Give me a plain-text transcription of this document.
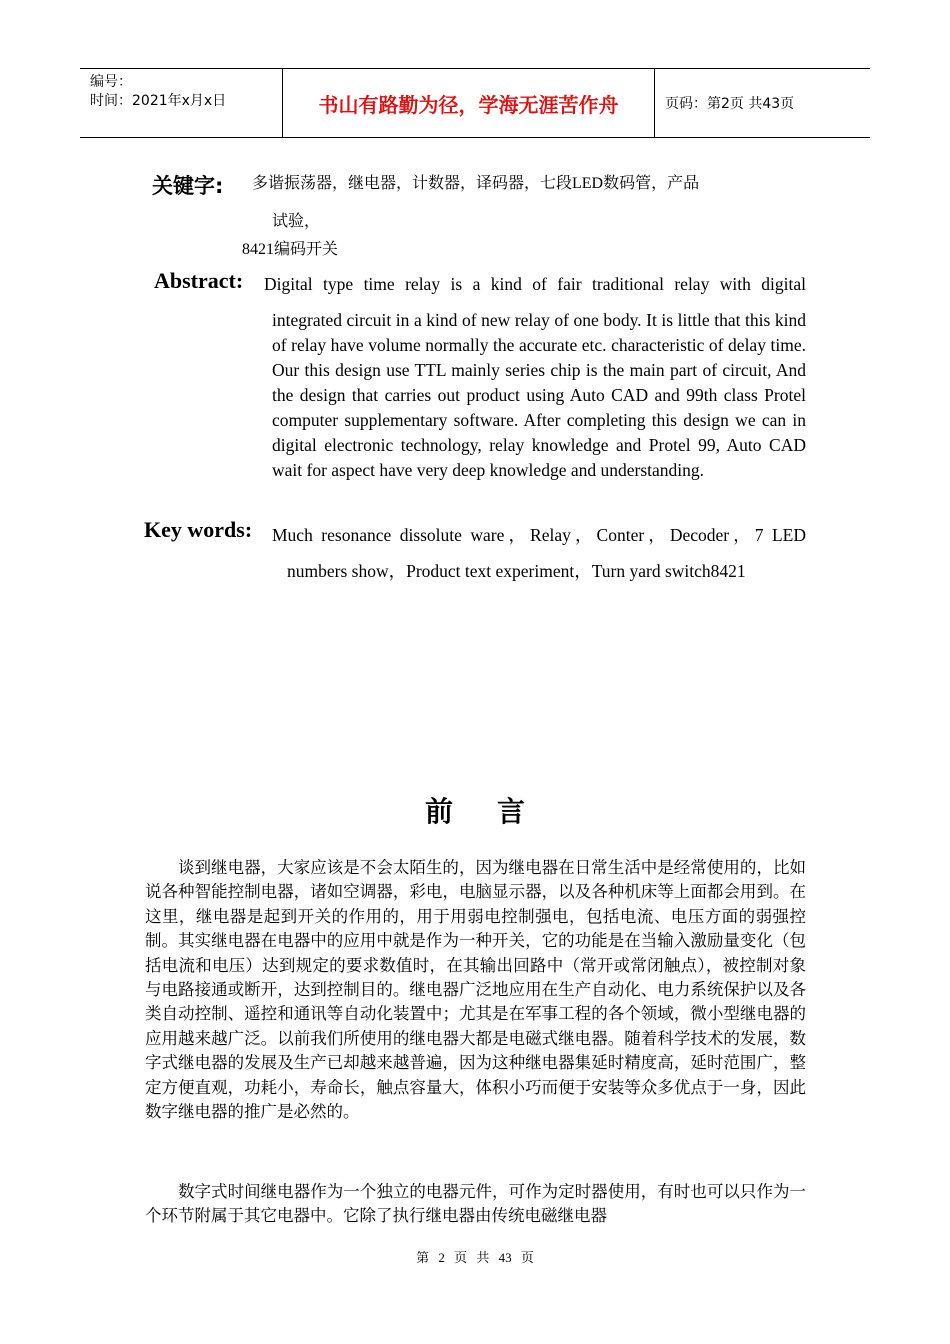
编号：
时间：2021年x月x日	书山有路勤为径，学海无涯苦作舟	页码：第2页 共43页
关键字: 多谐振荡器，继电器，计数器，译码器，七段LED数码管，产品
试验，
8421编码开关
Abstract: Digital type time relay is a kind of fair traditional relay with digital
integrated circuit in a kind of new relay of one body. It is little that this kind of relay have volume normally the accurate etc. characteristic of delay time. Our this design use TTL mainly series chip is the main part of circuit, And the design that carries out product using Auto CAD and 99th class Protel computer supplementary software. After completing this design we can in digital electronic technology, relay knowledge and Protel 99, Auto CAD wait for aspect have very deep knowledge and understanding.
Key words: Much resonance dissolute ware，Relay，Conter，Decoder，7 LED
numbers show，Product text experiment，Turn yard switch8421
前言
谈到继电器，大家应该是不会太陌生的，因为继电器在日常生活中是经常使用的，比如说各种智能控制电器，诸如空调器，彩电，电脑显示器，以及各种机床等上面都会用到。在这里，继电器是起到开关的作用的，用于用弱电控制强电，包括电流、电压方面的弱强控制。其实继电器在电器中的应用中就是作为一种开关，它的功能是在当输入激励量变化（包括电流和电压）达到规定的要求数值时，在其输出回路中（常开或常闭触点），被控制对象与电路接通或断开，达到控制目的。继电器广泛地应用在生产自动化、电力系统保护以及各类自动控制、遥控和通讯等自动化装置中；尤其是在军事工程的各个领域，微小型继电器的应用越来越广泛。以前我们所使用的继电器大都是电磁式继电器。随着科学技术的发展，数字式继电器的发展及生产已却越来越普遍，因为这种继电器集延时精度高，延时范围广，整定方便直观，功耗小，寿命长，触点容量大，体积小巧而便于安装等众多优点于一身，因此数字继电器的推广是必然的。
数字式时间继电器作为一个独立的电器元件，可作为定时器使用，有时也可以只作为一个环节附属于其它电器中。它除了执行继电器由传统电磁继电器
第 2 页 共 43 页
